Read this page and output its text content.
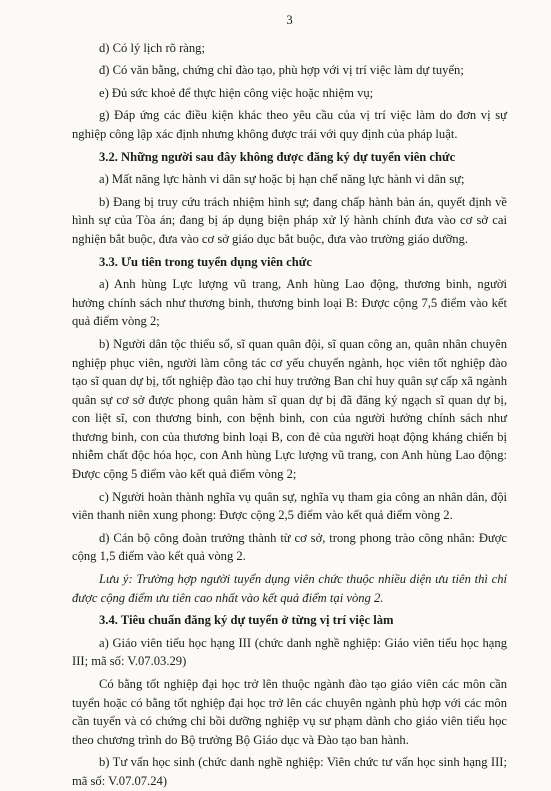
3

d) Có lý lịch rõ ràng;

đ) Có văn bằng, chứng chỉ đào tạo, phù hợp với vị trí việc làm dự tuyển;

e) Đủ sức khoẻ để thực hiện công việc hoặc nhiệm vụ;

g) Đáp ứng các điều kiện khác theo yêu cầu của vị trí việc làm do đơn vị sự nghiệp công lập xác định nhưng không được trái với quy định của pháp luật.

3.2. Những người sau đây không được đăng ký dự tuyển viên chức

a) Mất năng lực hành vi dân sự hoặc bị hạn chế năng lực hành vi dân sự;

b) Đang bị truy cứu trách nhiệm hình sự; đang chấp hành bản án, quyết định về hình sự của Tòa án; đang bị áp dụng biện pháp xử lý hành chính đưa vào cơ sở cai nghiện bắt buộc, đưa vào cơ sở giáo dục bắt buộc, đưa vào trường giáo dưỡng.

3.3. Ưu tiên trong tuyển dụng viên chức

a) Anh hùng Lực lượng vũ trang, Anh hùng Lao động, thương binh, người hưởng chính sách như thương binh, thương binh loại B: Được cộng 7,5 điểm vào kết quả điểm vòng 2;

b) Người dân tộc thiểu số, sĩ quan quân đội, sĩ quan công an, quân nhân chuyên nghiệp phục viên, người làm công tác cơ yếu chuyển ngành, học viên tốt nghiệp đào tạo sĩ quan dự bị, tốt nghiệp đào tạo chỉ huy trưởng Ban chỉ huy quân sự cấp xã ngành quân sự cơ sở được phong quân hàm sĩ quan dự bị đã đăng ký ngạch sĩ quan dự bị, con liệt sĩ, con thương binh, con bệnh binh, con của người hưởng chính sách như thương binh, con của thương binh loại B, con đẻ của người hoạt động kháng chiến bị nhiễm chất độc hóa học, con Anh hùng Lực lượng vũ trang, con Anh hùng Lao động: Được cộng 5 điểm vào kết quả điểm vòng 2;

c) Người hoàn thành nghĩa vụ quân sự, nghĩa vụ tham gia công an nhân dân, đội viên thanh niên xung phong: Được cộng 2,5 điểm vào kết quả điểm vòng 2.

d) Cán bộ công đoàn trưởng thành từ cơ sở, trong phong trào công nhân: Được cộng 1,5 điểm vào kết quả vòng 2.

Lưu ý: Trường hợp người tuyển dụng viên chức thuộc nhiều diện ưu tiên thì chỉ được cộng điểm ưu tiên cao nhất vào kết quả điểm tại vòng 2.

3.4. Tiêu chuẩn đăng ký dự tuyển ở từng vị trí việc làm

a) Giáo viên tiểu học hạng III (chức danh nghề nghiệp: Giáo viên tiểu học hạng III; mã số: V.07.03.29)

Có bằng tốt nghiệp đại học trở lên thuộc ngành đào tạo giáo viên các môn cần tuyển hoặc có bằng tốt nghiệp đại học trở lên các chuyên ngành phù hợp với các môn cần tuyển và có chứng chỉ bồi dưỡng nghiệp vụ sư phạm dành cho giáo viên tiểu học theo chương trình do Bộ trưởng Bộ Giáo dục và Đào tạo ban hành.

b) Tư vấn học sinh (chức danh nghề nghiệp: Viên chức tư vấn học sinh hạng III; mã số: V.07.07.24)
